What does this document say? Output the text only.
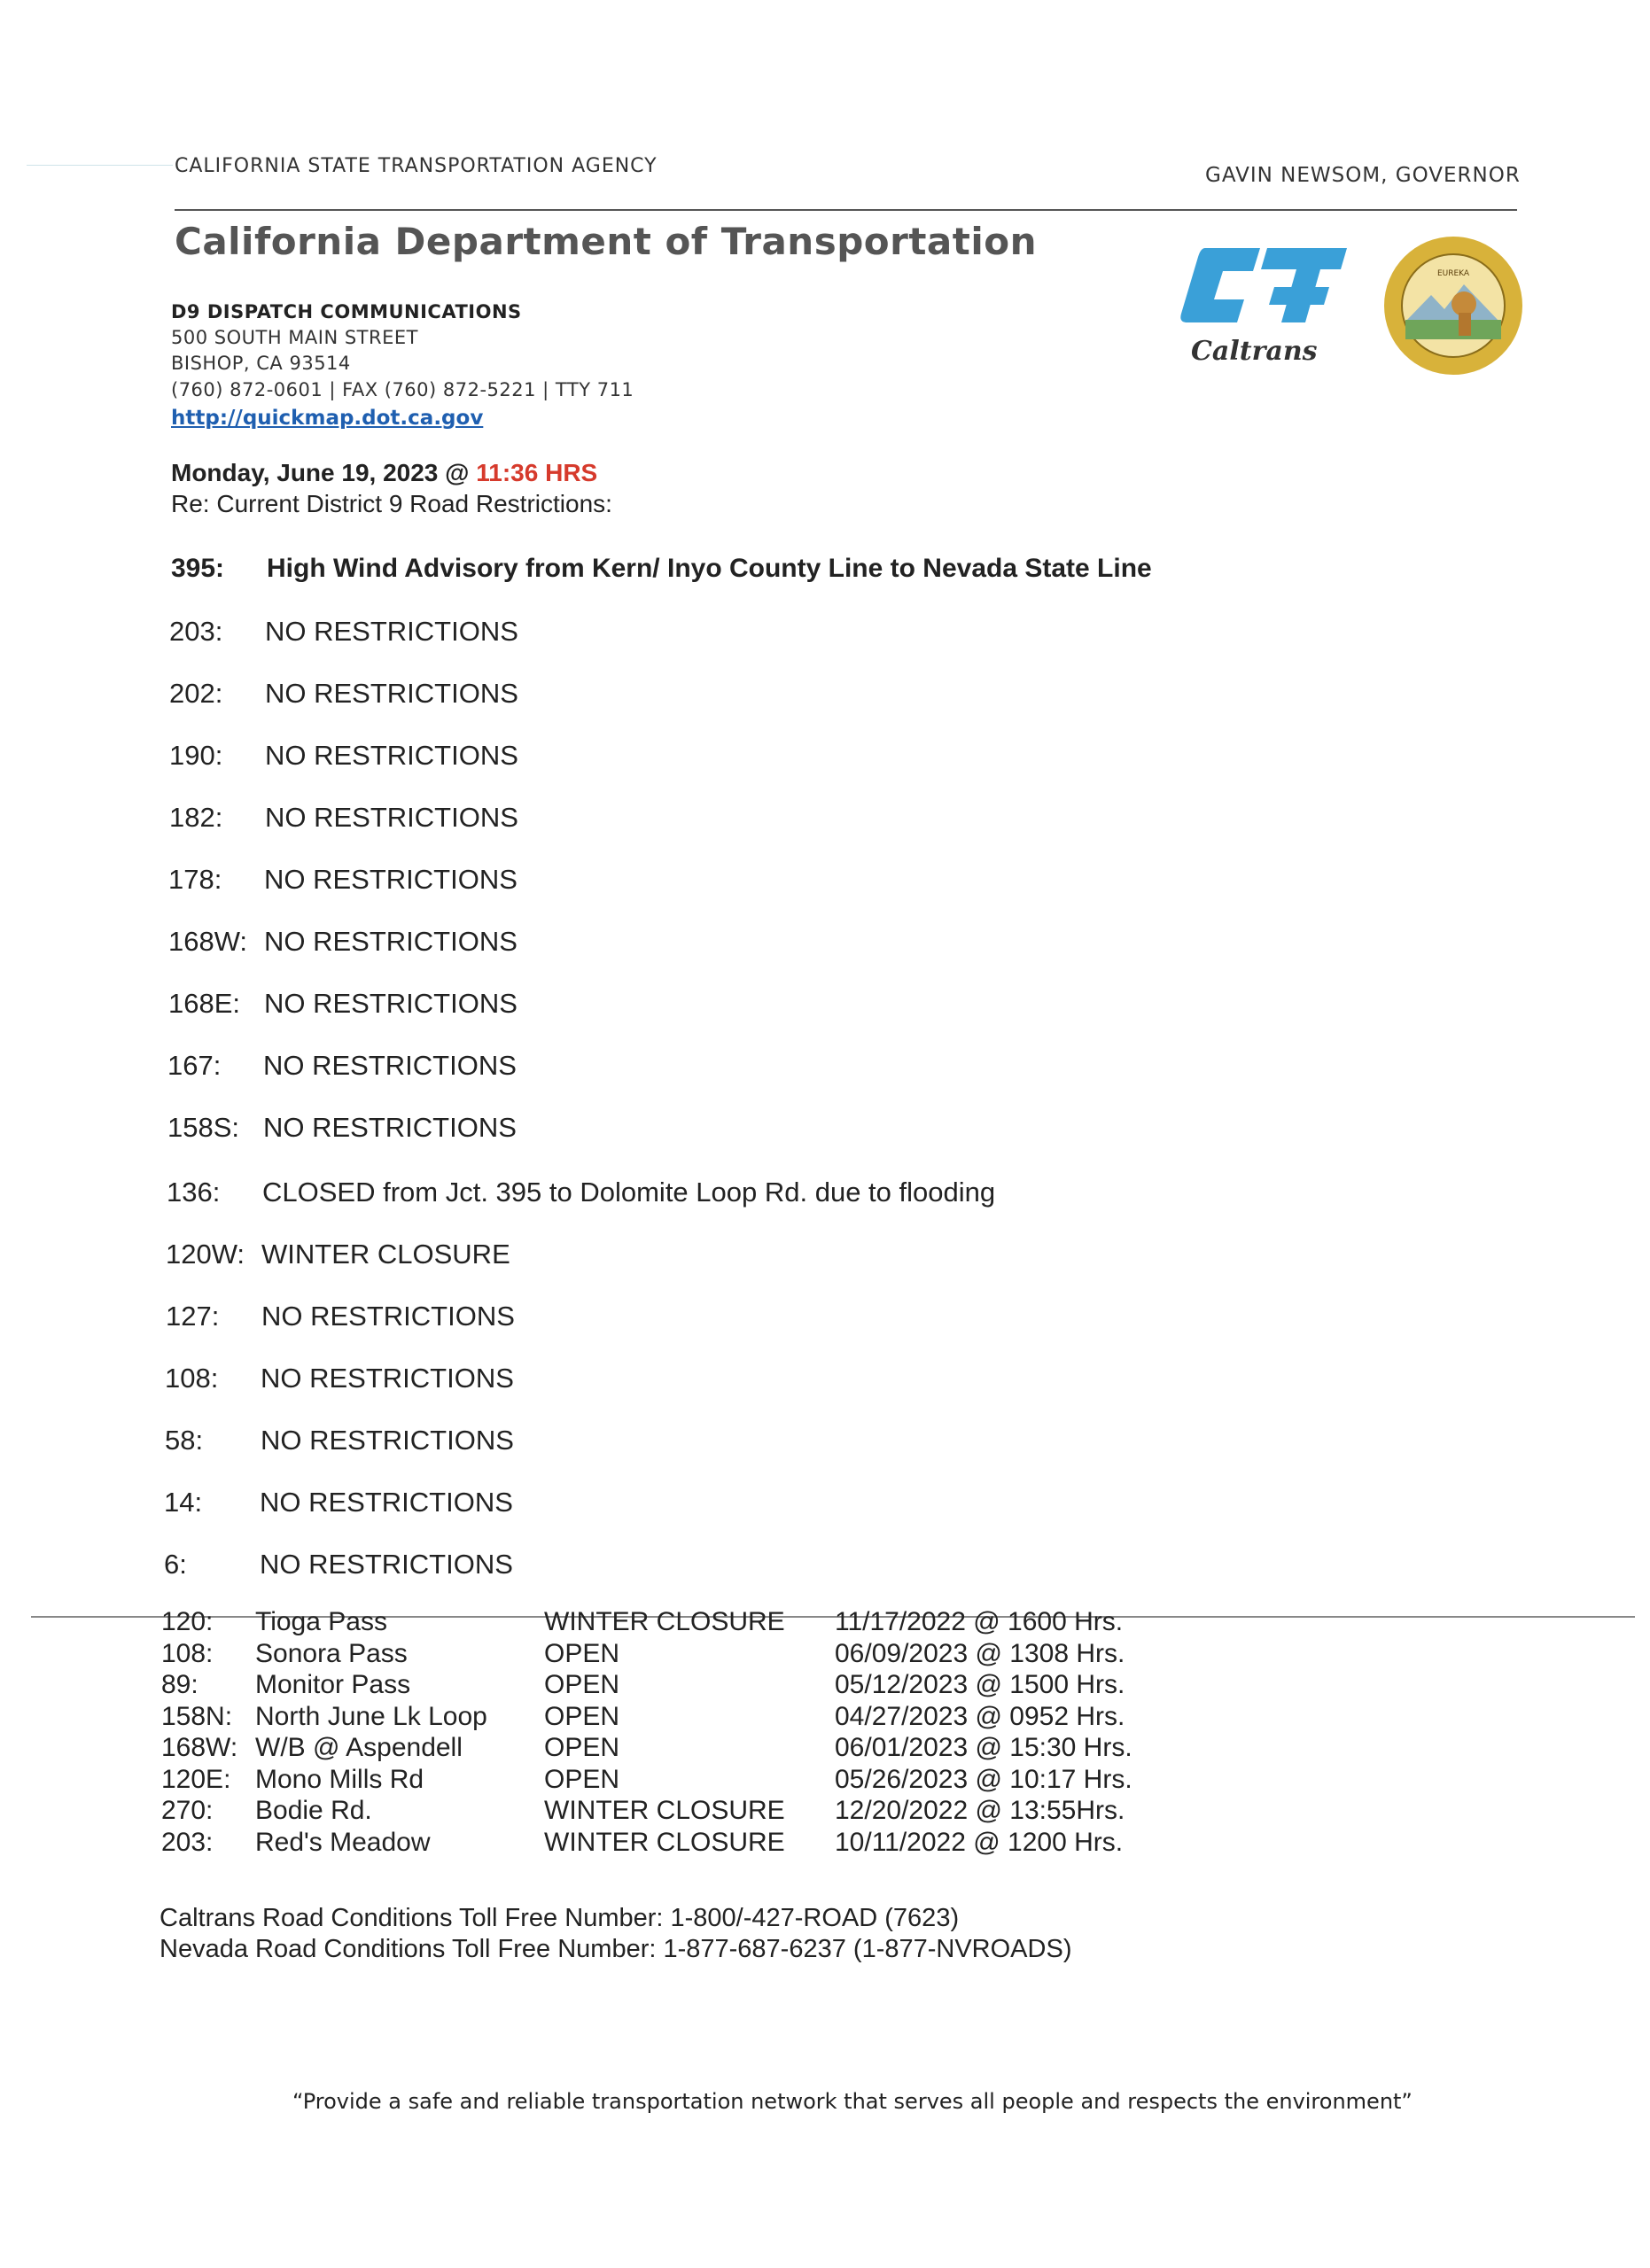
CALIFORNIA STATE TRANSPORTATION AGENCY	GAVIN NEWSOM, GOVERNOR
California Department of Transportation
Caltrans
EUREKA
D9 DISPATCH COMMUNICATIONS
500 SOUTH MAIN STREET
BISHOP, CA 93514
(760) 872-0601 | FAX (760) 872-5221 | TTY 711
http://quickmap.dot.ca.gov
Monday, June 19, 2023 @ 11:36 HRS
Re: Current District 9 Road Restrictions:
395: High Wind Advisory from Kern/ Inyo County Line to Nevada State Line
203: NO RESTRICTIONS
202: NO RESTRICTIONS
190: NO RESTRICTIONS
182: NO RESTRICTIONS
178: NO RESTRICTIONS
168W: NO RESTRICTIONS
168E: NO RESTRICTIONS
167: NO RESTRICTIONS
158S: NO RESTRICTIONS
136: CLOSED from Jct. 395 to Dolomite Loop Rd. due to flooding
120W: WINTER CLOSURE
127: NO RESTRICTIONS
108: NO RESTRICTIONS
58: NO RESTRICTIONS
14: NO RESTRICTIONS
6:	NO RESTRICTIONS
120: Tioga Pass	WINTER CLOSURE 11/17/2022 @ 1600 Hrs.
108: Sonora Pass	OPEN	06/09/2023 @ 1308 Hrs.
89: Monitor Pass	OPEN	05/12/2023 @ 1500 Hrs.
158N: North June Lk Loop OPEN	04/27/2023 @ 0952 Hrs.
168W: W/B @ Aspendell	OPEN	06/01/2023 @ 15:30 Hrs.
120E: Mono Mills Rd	OPEN	05/26/2023 @ 10:17 Hrs.
270: Bodie Rd.	WINTER CLOSURE 12/20/2022 @ 13:55Hrs.
203: Red's Meadow	WINTER CLOSURE 10/11/2022 @ 1200 Hrs.
Caltrans Road Conditions Toll Free Number: 1-800/-427-ROAD (7623)
Nevada Road Conditions Toll Free Number: 1-877-687-6237 (1-877-NVROADS)
“Provide a safe and reliable transportation network that serves all people and respects the environment”
